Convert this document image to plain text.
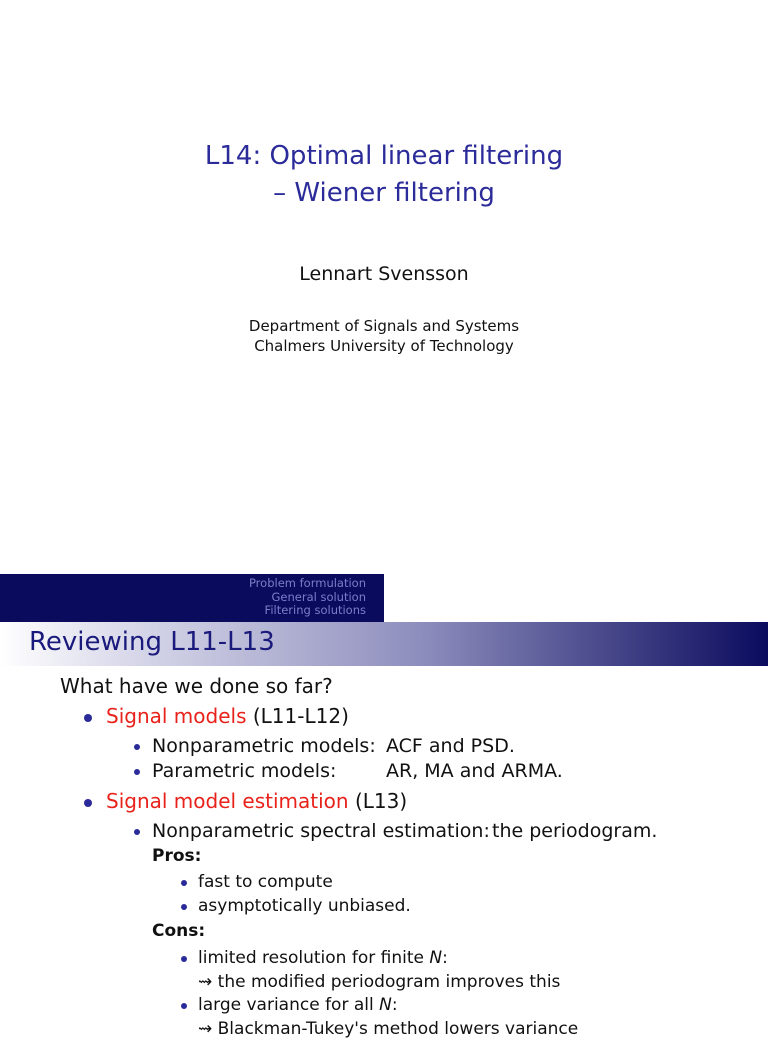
L14: Optimal linear filtering
– Wiener filtering
Lennart Svensson
Department of Signals and Systems
Chalmers University of Technology
Problem formulation
General solution
Filtering solutions
Reviewing L11-L13
What have we done so far?
Signal models (L11-L12)
Nonparametric models: ACF and PSD.
Parametric models:	AR, MA and ARMA.
Signal model estimation (L13)
Nonparametric spectral estimation: the periodogram.
Pros:
fast to compute
asymptotically unbiased.
Cons:
limited resolution for finite N:
⇝ the modified periodogram improves this
large variance for all N:
⇝ Blackman-Tukey's method lowers variance
